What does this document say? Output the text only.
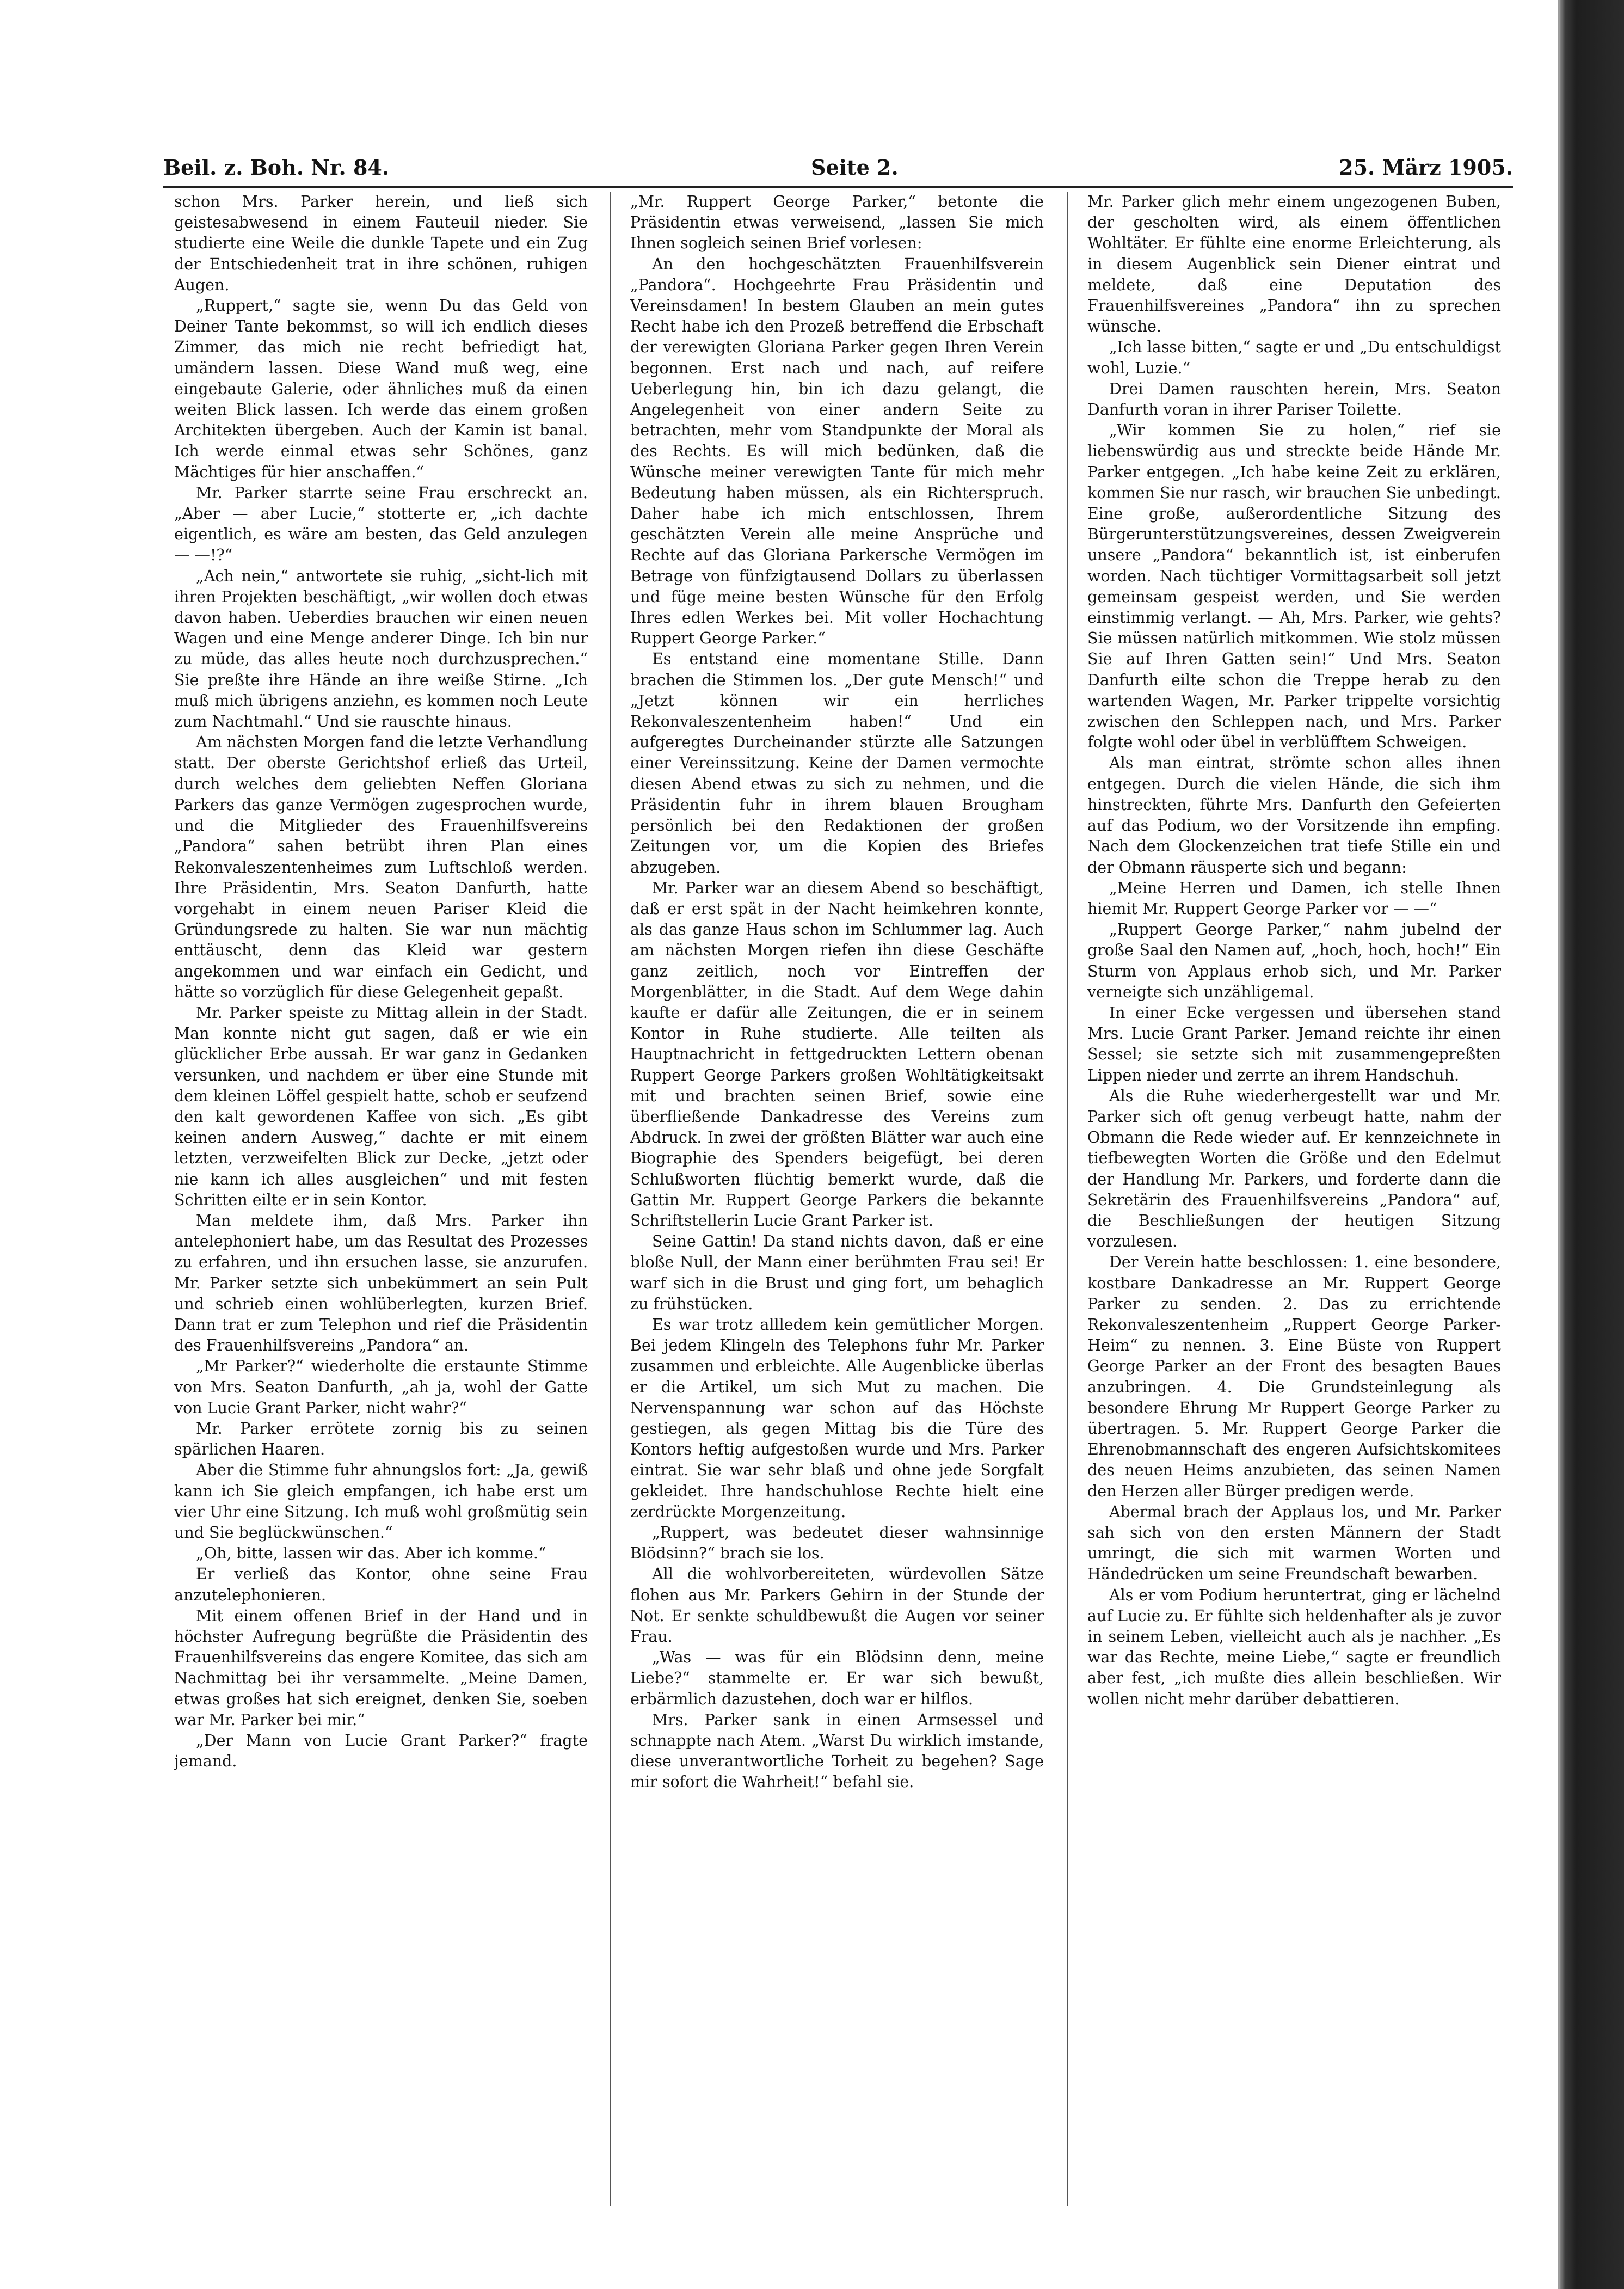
Beil. z. Boh. Nr. 84.	Seite 2.	25. März 1905.

schon Mrs. Parker herein, und ließ sich geistesabwesend in einem Fauteuil nieder. Sie studierte eine Weile die dunkle Tapete und ein Zug der Entschiedenheit trat in ihre schönen, ruhigen Augen.

„Ruppert,“ sagte sie, wenn Du das Geld von Deiner Tante bekommst, so will ich endlich dieses Zimmer, das mich nie recht befriedigt hat, umändern lassen. Diese Wand muß weg, eine eingebaute Galerie, oder ähnliches muß da einen weiten Blick lassen. Ich werde das einem großen Architekten übergeben. Auch der Kamin ist banal. Ich werde einmal etwas sehr Schönes, ganz Mächtiges für hier anschaffen.“

Mr. Parker starrte seine Frau erschreckt an. „Aber — aber Lucie,“ stotterte er, „ich dachte eigentlich, es wäre am besten, das Geld anzulegen — —!?“

„Ach nein,“ antwortete sie ruhig, „sicht-lich mit ihren Projekten beschäftigt, „wir wollen doch etwas davon haben. Ueberdies brauchen wir einen neuen Wagen und eine Menge anderer Dinge. Ich bin nur zu müde, das alles heute noch durchzusprechen.“ Sie preßte ihre Hände an ihre weiße Stirne. „Ich muß mich übrigens anziehn, es kommen noch Leute zum Nachtmahl.“ Und sie rauschte hinaus.

Am nächsten Morgen fand die letzte Verhandlung statt. Der oberste Gerichtshof erließ das Urteil, durch welches dem geliebten Neffen Gloriana Parkers das ganze Vermögen zugesprochen wurde, und die Mitglieder des Frauenhilfsvereins „Pandora“ sahen betrübt ihren Plan eines Rekonvaleszentenheimes zum Luftschloß werden. Ihre Präsidentin, Mrs. Seaton Danfurth, hatte vorgehabt in einem neuen Pariser Kleid die Gründungsrede zu halten. Sie war nun mächtig enttäuscht, denn das Kleid war gestern angekommen und war einfach ein Gedicht, und hätte so vorzüglich für diese Gelegenheit gepaßt.

Mr. Parker speiste zu Mittag allein in der Stadt. Man konnte nicht gut sagen, daß er wie ein glücklicher Erbe aussah. Er war ganz in Gedanken versunken, und nachdem er über eine Stunde mit dem kleinen Löffel gespielt hatte, schob er seufzend den kalt gewordenen Kaffee von sich. „Es gibt keinen andern Ausweg,“ dachte er mit einem letzten, verzweifelten Blick zur Decke, „jetzt oder nie kann ich alles ausgleichen“ und mit festen Schritten eilte er in sein Kontor.

Man meldete ihm, daß Mrs. Parker ihn antelephoniert habe, um das Resultat des Prozesses zu erfahren, und ihn ersuchen lasse, sie anzurufen. Mr. Parker setzte sich unbekümmert an sein Pult und schrieb einen wohlüberlegten, kurzen Brief. Dann trat er zum Telephon und rief die Präsidentin des Frauenhilfsvereins „Pandora“ an.

„Mr Parker?“ wiederholte die erstaunte Stimme von Mrs. Seaton Danfurth, „ah ja, wohl der Gatte von Lucie Grant Parker, nicht wahr?“

Mr. Parker errötete zornig bis zu seinen spärlichen Haaren.

Aber die Stimme fuhr ahnungslos fort: „Ja, gewiß kann ich Sie gleich empfangen, ich habe erst um vier Uhr eine Sitzung. Ich muß wohl großmütig sein und Sie beglückwünschen.“

„Oh, bitte, lassen wir das. Aber ich komme.“

Er verließ das Kontor, ohne seine Frau anzutelephonieren.

Mit einem offenen Brief in der Hand und in höchster Aufregung begrüßte die Präsidentin des Frauenhilfsvereins das engere Komitee, das sich am Nachmittag bei ihr versammelte. „Meine Damen, etwas großes hat sich ereignet, denken Sie, soeben war Mr. Parker bei mir.“

„Der Mann von Lucie Grant Parker?“ fragte jemand.

„Mr. Ruppert George Parker,“ betonte die Präsidentin etwas verweisend, „lassen Sie mich Ihnen sogleich seinen Brief vorlesen:

An den hochgeschätzten Frauenhilfsverein „Pandora“. Hochgeehrte Frau Präsidentin und Vereinsdamen! In bestem Glauben an mein gutes Recht habe ich den Prozeß betreffend die Erbschaft der verewigten Gloriana Parker gegen Ihren Verein begonnen. Erst nach und nach, auf reifere Ueberlegung hin, bin ich dazu gelangt, die Angelegenheit von einer andern Seite zu betrachten, mehr vom Standpunkte der Moral als des Rechts. Es will mich bedünken, daß die Wünsche meiner verewigten Tante für mich mehr Bedeutung haben müssen, als ein Richterspruch. Daher habe ich mich entschlossen, Ihrem geschätzten Verein alle meine Ansprüche und Rechte auf das Gloriana Parkersche Vermögen im Betrage von fünfzigtausend Dollars zu überlassen und füge meine besten Wünsche für den Erfolg Ihres edlen Werkes bei. Mit voller Hochachtung Ruppert George Parker.“

Es entstand eine momentane Stille. Dann brachen die Stimmen los. „Der gute Mensch!“ und „Jetzt können wir ein herrliches Rekonvaleszentenheim haben!“ Und ein aufgeregtes Durcheinander stürzte alle Satzungen einer Vereinssitzung. Keine der Damen vermochte diesen Abend etwas zu sich zu nehmen, und die Präsidentin fuhr in ihrem blauen Brougham persönlich bei den Redaktionen der großen Zeitungen vor, um die Kopien des Briefes abzugeben.

Mr. Parker war an diesem Abend so beschäftigt, daß er erst spät in der Nacht heimkehren konnte, als das ganze Haus schon im Schlummer lag. Auch am nächsten Morgen riefen ihn diese Geschäfte ganz zeitlich, noch vor Eintreffen der Morgenblätter, in die Stadt. Auf dem Wege dahin kaufte er dafür alle Zeitungen, die er in seinem Kontor in Ruhe studierte. Alle teilten als Hauptnachricht in fettgedruckten Lettern obenan Ruppert George Parkers großen Wohltätigkeitsakt mit und brachten seinen Brief, sowie eine überfließende Dankadresse des Vereins zum Abdruck. In zwei der größten Blätter war auch eine Biographie des Spenders beigefügt, bei deren Schlußworten flüchtig bemerkt wurde, daß die Gattin Mr. Ruppert George Parkers die bekannte Schriftstellerin Lucie Grant Parker ist.

Seine Gattin! Da stand nichts davon, daß er eine bloße Null, der Mann einer berühmten Frau sei! Er warf sich in die Brust und ging fort, um behaglich zu frühstücken.

Es war trotz allledem kein gemütlicher Morgen. Bei jedem Klingeln des Telephons fuhr Mr. Parker zusammen und erbleichte. Alle Augenblicke überlas er die Artikel, um sich Mut zu machen. Die Nervenspannung war schon auf das Höchste gestiegen, als gegen Mittag bis die Türe des Kontors heftig aufgestoßen wurde und Mrs. Parker eintrat. Sie war sehr blaß und ohne jede Sorgfalt gekleidet. Ihre handschuhlose Rechte hielt eine zerdrückte Morgenzeitung.

„Ruppert, was bedeutet dieser wahnsinnige Blödsinn?“ brach sie los.

All die wohlvorbereiteten, würdevollen Sätze flohen aus Mr. Parkers Gehirn in der Stunde der Not. Er senkte schuldbewußt die Augen vor seiner Frau.

„Was — was für ein Blödsinn denn, meine Liebe?“ stammelte er. Er war sich bewußt, erbärmlich dazustehen, doch war er hilflos.

Mrs. Parker sank in einen Armsessel und schnappte nach Atem. „Warst Du wirklich imstande, diese unverantwortliche Torheit zu begehen? Sage mir sofort die Wahrheit!“ befahl sie.

Mr. Parker glich mehr einem ungezogenen Buben, der gescholten wird, als einem öffentlichen Wohltäter. Er fühlte eine enorme Erleichterung, als in diesem Augenblick sein Diener eintrat und meldete, daß eine Deputation des Frauenhilfsvereines „Pandora“ ihn zu sprechen wünsche.

„Ich lasse bitten,“ sagte er und „Du entschuldigst wohl, Luzie.“

Drei Damen rauschten herein, Mrs. Seaton Danfurth voran in ihrer Pariser Toilette.

„Wir kommen Sie zu holen,“ rief sie liebenswürdig aus und streckte beide Hände Mr. Parker entgegen. „Ich habe keine Zeit zu erklären, kommen Sie nur rasch, wir brauchen Sie unbedingt. Eine große, außerordentliche Sitzung des Bürgerunterstützungsvereines, dessen Zweigverein unsere „Pandora“ bekanntlich ist, ist einberufen worden. Nach tüchtiger Vormittagsarbeit soll jetzt gemeinsam gespeist werden, und Sie werden einstimmig verlangt. — Ah, Mrs. Parker, wie gehts? Sie müssen natürlich mitkommen. Wie stolz müssen Sie auf Ihren Gatten sein!“ Und Mrs. Seaton Danfurth eilte schon die Treppe herab zu den wartenden Wagen, Mr. Parker trippelte vorsichtig zwischen den Schleppen nach, und Mrs. Parker folgte wohl oder übel in verblüfftem Schweigen.

Als man eintrat, strömte schon alles ihnen entgegen. Durch die vielen Hände, die sich ihm hinstreckten, führte Mrs. Danfurth den Gefeierten auf das Podium, wo der Vorsitzende ihn empfing. Nach dem Glockenzeichen trat tiefe Stille ein und der Obmann räusperte sich und begann:

„Meine Herren und Damen, ich stelle Ihnen hiemit Mr. Ruppert George Parker vor — —“

„Ruppert George Parker,“ nahm jubelnd der große Saal den Namen auf, „hoch, hoch, hoch!“ Ein Sturm von Applaus erhob sich, und Mr. Parker verneigte sich unzähligemal.

In einer Ecke vergessen und übersehen stand Mrs. Lucie Grant Parker. Jemand reichte ihr einen Sessel; sie setzte sich mit zusammengepreßten Lippen nieder und zerrte an ihrem Handschuh.

Als die Ruhe wiederhergestellt war und Mr. Parker sich oft genug verbeugt hatte, nahm der Obmann die Rede wieder auf. Er kennzeichnete in tiefbewegten Worten die Größe und den Edelmut der Handlung Mr. Parkers, und forderte dann die Sekretärin des Frauenhilfsvereins „Pandora“ auf, die Beschließungen der heutigen Sitzung vorzulesen.

Der Verein hatte beschlossen: 1. eine besondere, kostbare Dankadresse an Mr. Ruppert George Parker zu senden. 2. Das zu errichtende Rekonvaleszentenheim „Ruppert George Parker-Heim“ zu nennen. 3. Eine Büste von Ruppert George Parker an der Front des besagten Baues anzubringen. 4. Die Grundsteinlegung als besondere Ehrung Mr Ruppert George Parker zu übertragen. 5. Mr. Ruppert George Parker die Ehrenobmannschaft des engeren Aufsichtskomitees des neuen Heims anzubieten, das seinen Namen den Herzen aller Bürger predigen werde.

Abermal brach der Applaus los, und Mr. Parker sah sich von den ersten Männern der Stadt umringt, die sich mit warmen Worten und Händedrücken um seine Freundschaft bewarben.

Als er vom Podium heruntertrat, ging er lächelnd auf Lucie zu. Er fühlte sich heldenhafter als je zuvor in seinem Leben, vielleicht auch als je nachher. „Es war das Rechte, meine Liebe,“ sagte er freundlich aber fest, „ich mußte dies allein beschließen. Wir wollen nicht mehr darüber debattieren.
